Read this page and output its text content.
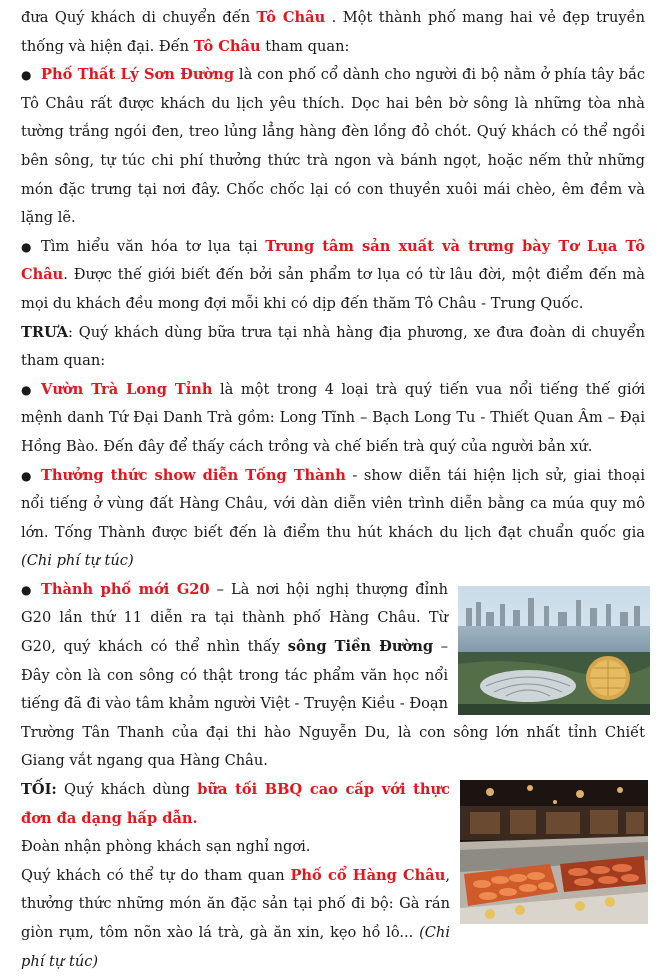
đưa Quý khách di chuyển đến Tô Châu . Một thành phố mang hai vẻ đẹp truyền thống và hiện đại. Đến Tô Châu tham quan:

● Phố Thất Lý Sơn Đường là con phố cổ dành cho người đi bộ nằm ở phía tây bắc Tô Châu rất được khách du lịch yêu thích. Dọc hai bên bờ sông là những tòa nhà tường trắng ngói đen, treo lủng lẳng hàng đèn lồng đỏ chót. Quý khách có thể ngồi bên sông, tự túc chi phí thưởng thức trà ngon và bánh ngọt, hoặc nếm thử những món đặc trưng tại nơi đây. Chốc chốc lại có con thuyền xuôi mái chèo, êm đềm và lặng lẽ.

● Tìm hiểu văn hóa tơ lụa tại Trung tâm sản xuất và trưng bày Tơ Lụa Tô Châu. Được thế giới biết đến bởi sản phẩm tơ lụa có từ lâu đời, một điểm đến mà mọi du khách đều mong đợi mỗi khi có dịp đến thăm Tô Châu - Trung Quốc.

TRƯA: Quý khách dùng bữa trưa tại nhà hàng địa phương, xe đưa đoàn di chuyển tham quan:

● Vườn Trà Long Tỉnh là một trong 4 loại trà quý tiến vua nổi tiếng thế giới mệnh danh Tứ Đại Danh Trà gồm: Long Tĩnh – Bạch Long Tu - Thiết Quan Âm – Đại Hồng Bào. Đến đây để thấy cách trồng và chế biến trà quý của người bản xứ.

● Thưởng thức show diễn Tống Thành - show diễn tái hiện lịch sử, giai thoại nổi tiếng ở vùng đất Hàng Châu, với dàn diễn viên trình diễn bằng ca múa quy mô lớn. Tống Thành được biết đến là điểm thu hút khách du lịch đạt chuẩn quốc gia (Chi phí tự túc)

● Thành phố mới G20 – Là nơi hội nghị thượng đỉnh G20 lần thứ 11 diễn ra tại thành phố Hàng Châu. Từ G20, quý khách có thể nhìn thấy sông Tiền Đường – Đây còn là con sông có thật trong tác phẩm văn học nổi tiếng đã đi vào tâm khảm người Việt - Truyện Kiều - Đoạn Trường Tân Thanh của đại thi hào Nguyễn Du, là con sông lớn nhất tỉnh Chiết Giang vắt ngang qua Hàng Châu.

TỐI: Quý khách dùng bữa tối BBQ cao cấp với thực đơn đa dạng hấp dẫn.

Đoàn nhận phòng khách sạn nghỉ ngơi.

Quý khách có thể tự do tham quan Phố cổ Hàng Châu, thưởng thức những món ăn đặc sản tại phố đi bộ: Gà rán giòn rụm, tôm nõn xào lá trà, gà ăn xin, kẹo hồ lô... (Chi phí tự túc)
